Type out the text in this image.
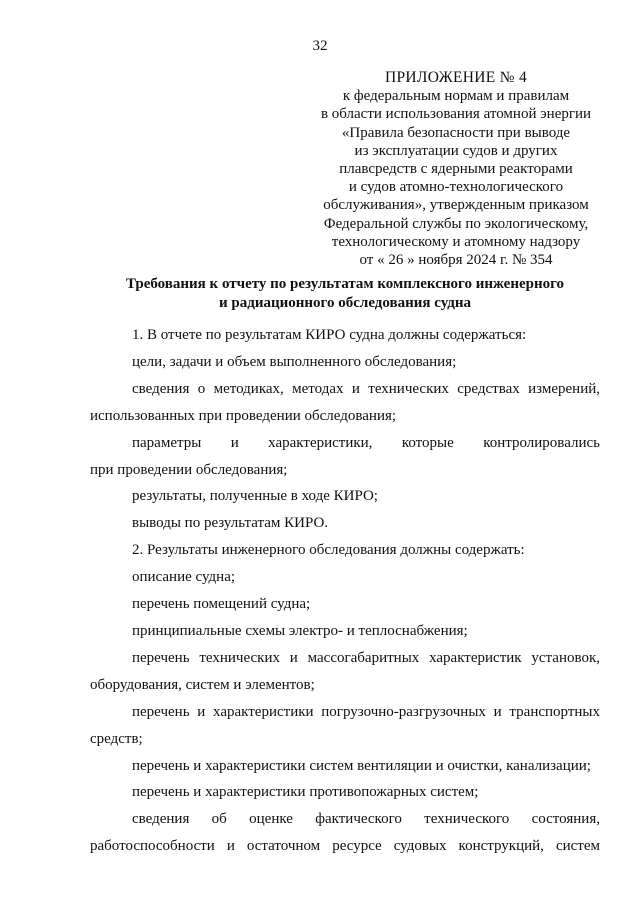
32
ПРИЛОЖЕНИЕ № 4
к федеральным нормам и правилам
в области использования атомной энергии
«Правила безопасности при выводе
из эксплуатации судов и других
плавсредств с ядерными реакторами
и судов атомно-технологического
обслуживания», утвержденным приказом
Федеральной службы по экологическому,
технологическому и атомному надзору
от « 26 » ноября 2024 г. № 354
Требования к отчету по результатам комплексного инженерного
и радиационного обследования судна

1. В отчете по результатам КИРО судна должны содержаться:

цели, задачи и объем выполненного обследования;

сведения о методиках, методах и технических средствах измерений,

использованных при проведении обследования;

параметры и характеристики, которые контролировались

при проведении обследования;

результаты, полученные в ходе КИРО;

выводы по результатам КИРО.

2. Результаты инженерного обследования должны содержать:

описание судна;

перечень помещений судна;

принципиальные схемы электро- и теплоснабжения;

перечень технических и массогабаритных характеристик установок,

оборудования, систем и элементов;

перечень и характеристики погрузочно-разгрузочных и транспортных

средств;

перечень и характеристики систем вентиляции и очистки, канализации;

перечень и характеристики противопожарных систем;

сведения об оценке фактического технического состояния,

работоспособности и остаточном ресурсе судовых конструкций, систем
